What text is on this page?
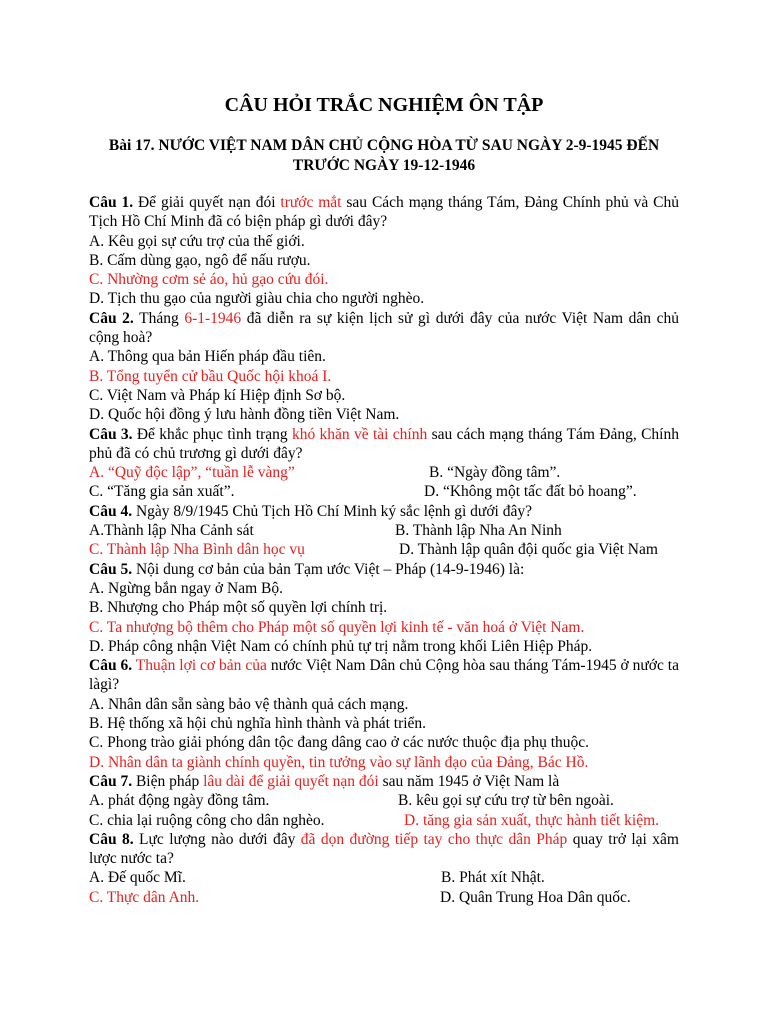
CÂU HỎI TRẮC NGHIỆM ÔN TẬP
Bài 17. NƯỚC VIỆT NAM DÂN CHỦ CỘNG HÒA TỪ SAU NGÀY 2-9-1945 ĐẾN TRƯỚC NGÀY 19-12-1946
Câu 1. Để giải quyết nạn đói trước mắt sau Cách mạng tháng Tám, Đảng Chính phủ và Chủ Tịch Hồ Chí Minh đã có biện pháp gì dưới đây?
A. Kêu gọi sự cứu trợ của thế giới.
B. Cấm dùng gạo, ngô để nấu rượu.
C. Nhường cơm sẻ áo, hủ gạo cứu đói.
D. Tịch thu gạo của người giàu chia cho người nghèo.
Câu 2. Tháng 6-1-1946 đã diễn ra sự kiện lịch sử gì dưới đây của nước Việt Nam dân chủ cộng hoà?
A. Thông qua bản Hiến pháp đầu tiên.
B. Tổng tuyển cử bầu Quốc hội khoá I.
C. Việt Nam và Pháp kí Hiệp định Sơ bộ.
D. Quốc hội đồng ý lưu hành đồng tiền Việt Nam.
Câu 3. Để khắc phục tình trạng khó khăn về tài chính sau cách mạng tháng Tám Đảng, Chính phủ đã có chủ trương gì dưới đây?
A. “Quỹ độc lập”, “tuần lễ vàng”	B. “Ngày đồng tâm”.
C. “Tăng gia sản xuất”.	D. “Không một tấc đất bỏ hoang”.
Câu 4. Ngày 8/9/1945 Chủ Tịch Hồ Chí Minh ký sắc lệnh gì dưới đây?
A.Thành lập Nha Cảnh sát	B. Thành lập Nha An Ninh
C. Thành lập Nha Bình dân học vụ	D. Thành lập quân đội quốc gia Việt Nam
Câu 5. Nội dung cơ bản của bản Tạm ước Việt – Pháp (14-9-1946) là:
A. Ngừng bắn ngay ở Nam Bộ.
B. Nhượng cho Pháp một số quyền lợi chính trị.
C. Ta nhượng bộ thêm cho Pháp một số quyền lợi kinh tế - văn hoá ở Việt Nam.
D. Pháp công nhận Việt Nam có chính phủ tự trị nằm trong khối Liên Hiệp Pháp.
Câu 6. Thuận lợi cơ bản của nước Việt Nam Dân chủ Cộng hòa sau tháng Tám-1945 ở nước ta làgì?
A. Nhân dân sẵn sàng bảo vệ thành quả cách mạng.
B. Hệ thống xã hội chủ nghĩa hình thành và phát triển.
C. Phong trào giải phóng dân tộc đang dâng cao ở các nước thuộc địa phụ thuộc.
D. Nhân dân ta giành chính quyền, tin tưởng vào sự lãnh đạo của Đảng, Bác Hồ.
Câu 7. Biện pháp lâu dài để giải quyết nạn đói sau năm 1945 ở Việt Nam là
A. phát động ngày đồng tâm.	B. kêu gọi sự cứu trợ từ bên ngoài.
C. chia lại ruộng công cho dân nghèo.	D. tăng gia sản xuất, thực hành tiết kiệm.
Câu 8. Lực lượng nào dưới đây đã dọn đường tiếp tay cho thực dân Pháp quay trở lại xâm lược nước ta?
A. Đế quốc Mĩ.	B. Phát xít Nhật.
C. Thực dân Anh.	D. Quân Trung Hoa Dân quốc.
